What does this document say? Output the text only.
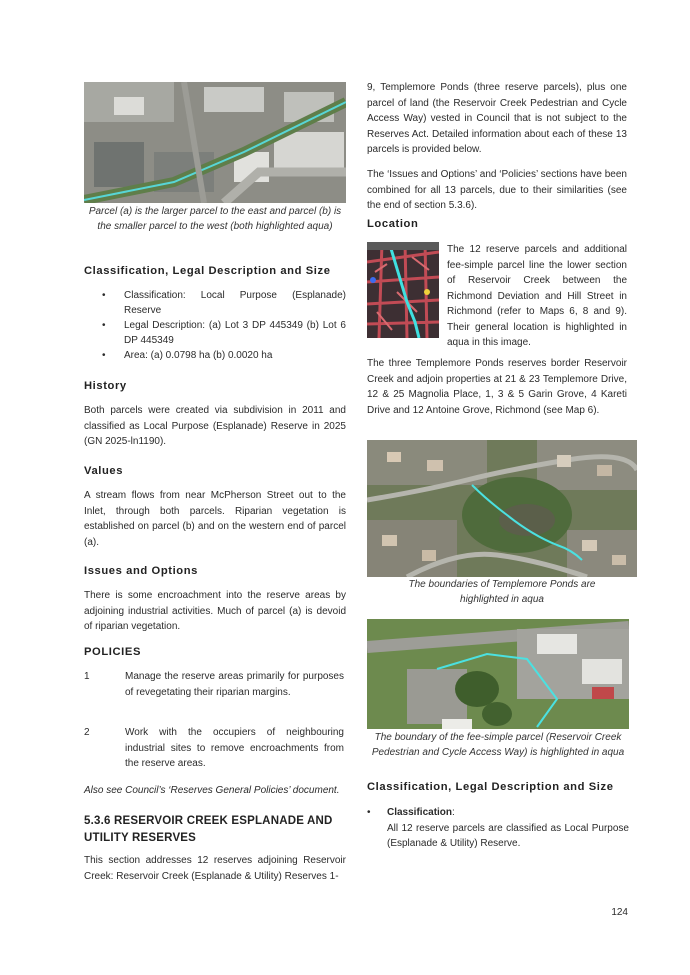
Parcel (a) is the larger parcel to the east and parcel (b) is the smaller parcel to the west (both highlighted aqua)

Classification, Legal Description and Size
• Classification: Local Purpose (Esplanade) Reserve
• Legal Description: (a) Lot 3 DP 445349 (b) Lot 6 DP 445349
• Area: (a) 0.0798 ha (b) 0.0020 ha
History

Both parcels were created via subdivision in 2011 and classified as Local Purpose (Esplanade) Reserve in 2025 (GN 2025-ln1190).

Values

A stream flows from near McPherson Street out to the Inlet, through both parcels. Riparian vegetation is established on parcel (b) and on the western end of parcel (a).

Issues and Options

There is some encroachment into the reserve areas by adjoining industrial activities. Much of parcel (a) is devoid of riparian vegetation.

POLICIES
1	Manage the reserve areas primarily for purposes of revegetating their riparian margins.
2	Work with the occupiers of neighbouring industrial sites to remove encroachments from the reserve areas.

Also see Council’s ‘Reserves General Policies’ document.

5.3.6 RESERVOIR CREEK ESPLANADE AND UTILITY RESERVES

This section addresses 12 reserves adjoining Reservoir Creek: Reservoir Creek (Esplanade & Utility) Reserves 1-

9, Templemore Ponds (three reserve parcels), plus one parcel of land (the Reservoir Creek Pedestrian and Cycle Access Way) vested in Council that is not subject to the Reserves Act. Detailed information about each of these 13 parcels is provided below.

The ‘Issues and Options’ and ‘Policies’ sections have been combined for all 13 parcels, due to their similarities (see the end of section 5.3.6).

Location

The 12 reserve parcels and additional fee-simple parcel line the lower section of Reservoir Creek between the Richmond Deviation and Hill Street in Richmond (refer to Maps 6, 8 and 9). Their general location is highlighted in aqua in this image.

The three Templemore Ponds reserves border Reservoir Creek and adjoin properties at 21 & 23 Templemore Drive, 12 & 25 Magnolia Place, 1, 3 & 5 Garin Grove, 4 Kareti Drive and 12 Antoine Grove, Richmond (see Map 6).

The boundaries of Templemore Ponds are highlighted in aqua

The boundary of the fee-simple parcel (Reservoir Creek Pedestrian and Cycle Access Way) is highlighted in aqua

Classification, Legal Description and Size
• Classification:
All 12 reserve parcels are classified as Local Purpose (Esplanade & Utility) Reserve.
124
